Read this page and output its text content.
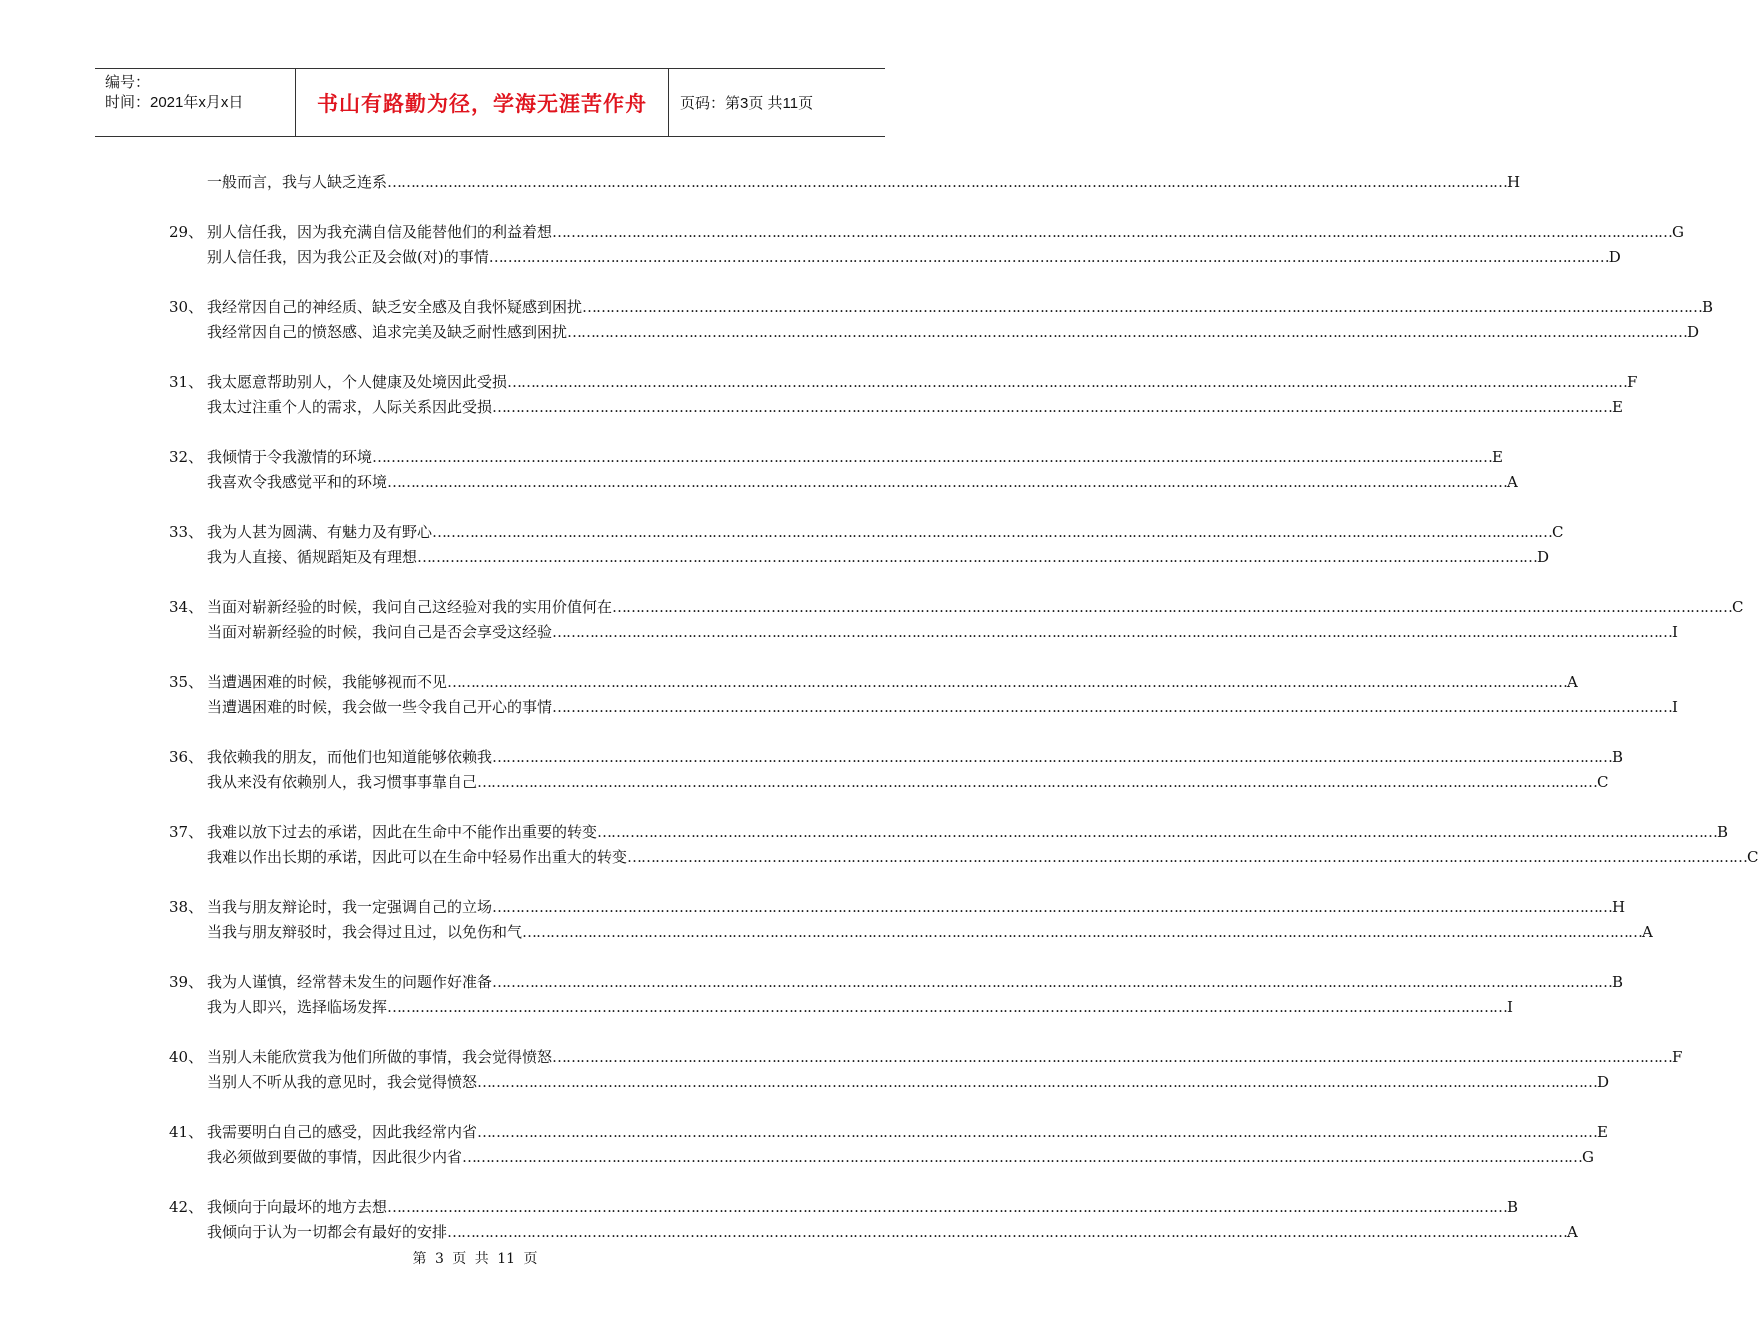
编号：
时间：2021年x月x日	书山有路勤为径，学海无涯苦作舟 页码：第3页 共11页
一般而言，我与人缺乏连系 …………………………………………………………………………………………………………………………………………………………………………………………………………………… H
29、 别人信任我，因为我充满自信及能替他们的利益着想 …………………………………………………………………………………………………………………………………………………………………………………………………………………… G
别人信任我，因为我公正及会做(对)的事情 …………………………………………………………………………………………………………………………………………………………………………………………………………………… D
30、 我经常因自己的神经质、缺乏安全感及自我怀疑感到困扰 …………………………………………………………………………………………………………………………………………………………………………………………………………………… B
我经常因自己的愤怒感、追求完美及缺乏耐性感到困扰 …………………………………………………………………………………………………………………………………………………………………………………………………………………… D
31、 我太愿意帮助别人，个人健康及处境因此受损 …………………………………………………………………………………………………………………………………………………………………………………………………………………… F
我太过注重个人的需求，人际关系因此受损 …………………………………………………………………………………………………………………………………………………………………………………………………………………… E
32、 我倾情于令我激情的环境 …………………………………………………………………………………………………………………………………………………………………………………………………………………… E
我喜欢令我感觉平和的环境 …………………………………………………………………………………………………………………………………………………………………………………………………………………… A
33、 我为人甚为圆满、有魅力及有野心 …………………………………………………………………………………………………………………………………………………………………………………………………………………… C
我为人直接、循规蹈矩及有理想 …………………………………………………………………………………………………………………………………………………………………………………………………………………… D
34、 当面对崭新经验的时候，我问自己这经验对我的实用价值何在 …………………………………………………………………………………………………………………………………………………………………………………………………………………… C
当面对崭新经验的时候，我问自己是否会享受这经验 …………………………………………………………………………………………………………………………………………………………………………………………………………………… I
35、 当遭遇困难的时候，我能够视而不见 …………………………………………………………………………………………………………………………………………………………………………………………………………………… A
当遭遇困难的时候，我会做一些令我自己开心的事情 …………………………………………………………………………………………………………………………………………………………………………………………………………………… I
36、 我依赖我的朋友，而他们也知道能够依赖我 …………………………………………………………………………………………………………………………………………………………………………………………………………………… B
我从来没有依赖别人，我习惯事事靠自己 …………………………………………………………………………………………………………………………………………………………………………………………………………………… C
37、 我难以放下过去的承诺，因此在生命中不能作出重要的转变 …………………………………………………………………………………………………………………………………………………………………………………………………………………… B
我难以作出长期的承诺，因此可以在生命中轻易作出重大的转变 …………………………………………………………………………………………………………………………………………………………………………………………………………………… C
38、 当我与朋友辩论时，我一定强调自己的立场 …………………………………………………………………………………………………………………………………………………………………………………………………………………… H
当我与朋友辩驳时，我会得过且过，以免伤和气 …………………………………………………………………………………………………………………………………………………………………………………………………………………… A
39、 我为人谨慎，经常替未发生的问题作好准备 …………………………………………………………………………………………………………………………………………………………………………………………………………………… B
我为人即兴，选择临场发挥 …………………………………………………………………………………………………………………………………………………………………………………………………………………… I
40、 当别人未能欣赏我为他们所做的事情，我会觉得愤怒 …………………………………………………………………………………………………………………………………………………………………………………………………………………… F
当别人不听从我的意见时，我会觉得愤怒 …………………………………………………………………………………………………………………………………………………………………………………………………………………… D
41、 我需要明白自己的感受，因此我经常内省 …………………………………………………………………………………………………………………………………………………………………………………………………………………… E
我必须做到要做的事情，因此很少内省 …………………………………………………………………………………………………………………………………………………………………………………………………………………… G
42、 我倾向于向最坏的地方去想 …………………………………………………………………………………………………………………………………………………………………………………………………………………… B
我倾向于认为一切都会有最好的安排 …………………………………………………………………………………………………………………………………………………………………………………………………………………… A
第 3 页 共 11 页
